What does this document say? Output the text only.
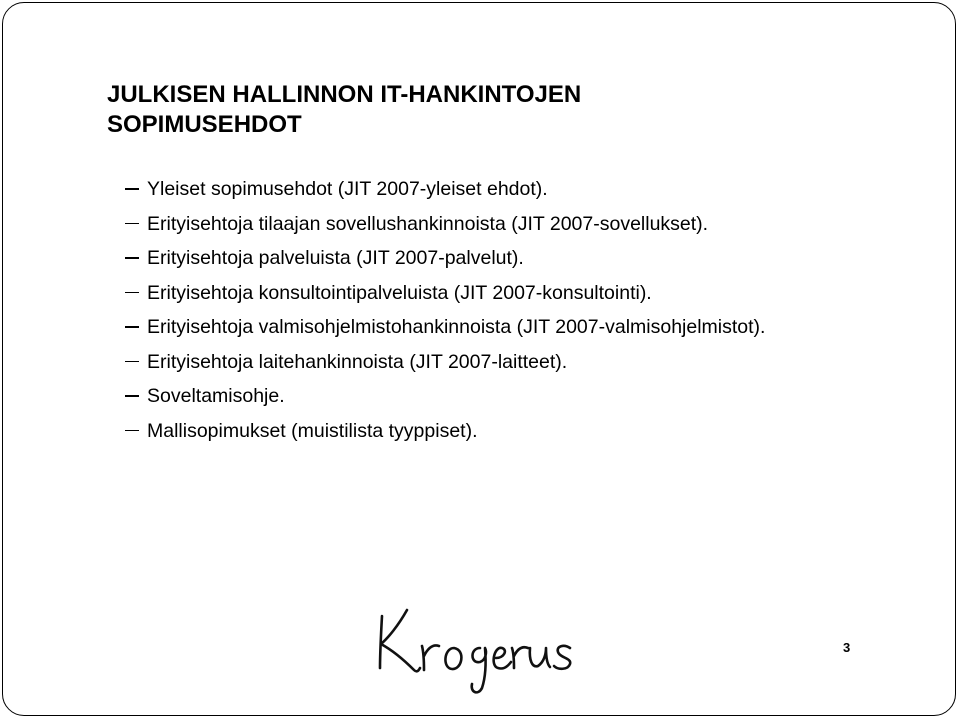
JULKISEN HALLINNON IT-HANKINTOJEN
SOPIMUSEHDOT
Yleiset sopimusehdot (JIT 2007-yleiset ehdot).
Erityisehtoja tilaajan sovellushankinnoista (JIT 2007-sovellukset).
Erityisehtoja palveluista (JIT 2007-palvelut).
Erityisehtoja konsultointipalveluista (JIT 2007-konsultointi).
Erityisehtoja valmisohjelmistohankinnoista (JIT 2007-valmisohjelmistot).
Erityisehtoja laitehankinnoista (JIT 2007-laitteet).
Soveltamisohje.
Mallisopimukset (muistilista tyyppiset).
3
